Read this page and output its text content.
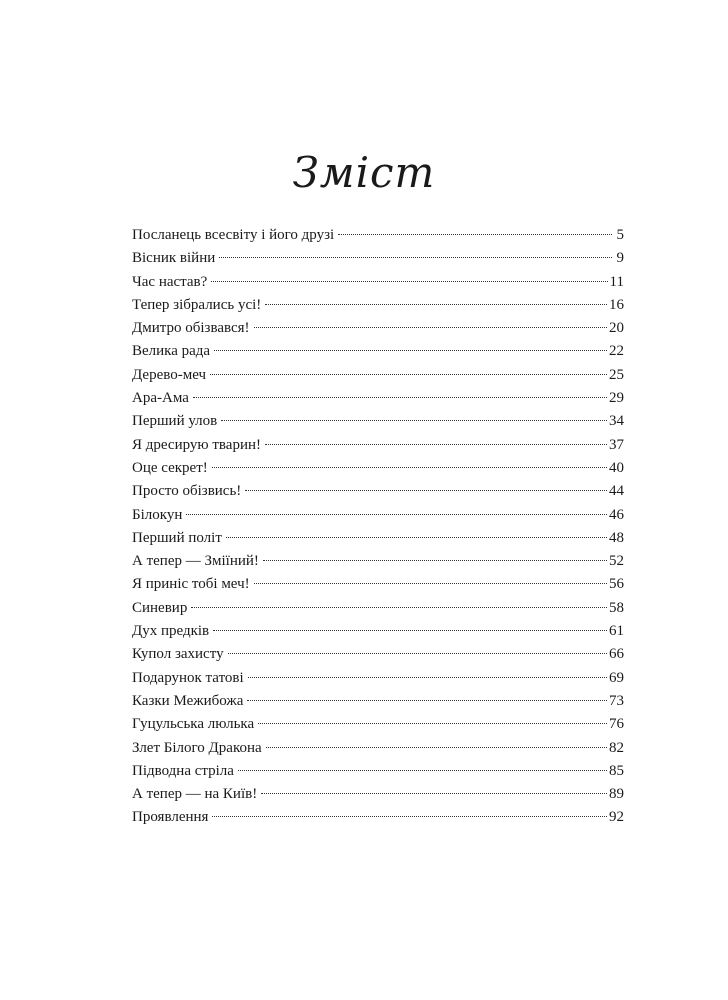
Зміст
Посланець всесвіту і його друзі	5
Вісник війни	9
Час настав?	11
Тепер зібрались усі!	16
Дмитро обізвався!	20
Велика рада	22
Дерево-меч	25
Ара-Ама	29
Перший улов	34
Я дресирую тварин!	37
Оце секрет!	40
Просто обізвись!	44
Білокун	46
Перший політ	48
А тепер — Зміїний!	52
Я приніс тобі меч!	56
Синевир	58
Дух предків	61
Купол захисту	66
Подарунок татові	69
Казки Межибожа	73
Гуцульська люлька	76
Злет Білого Дракона	82
Підводна стріла	85
А тепер — на Київ!	89
Проявлення	92
